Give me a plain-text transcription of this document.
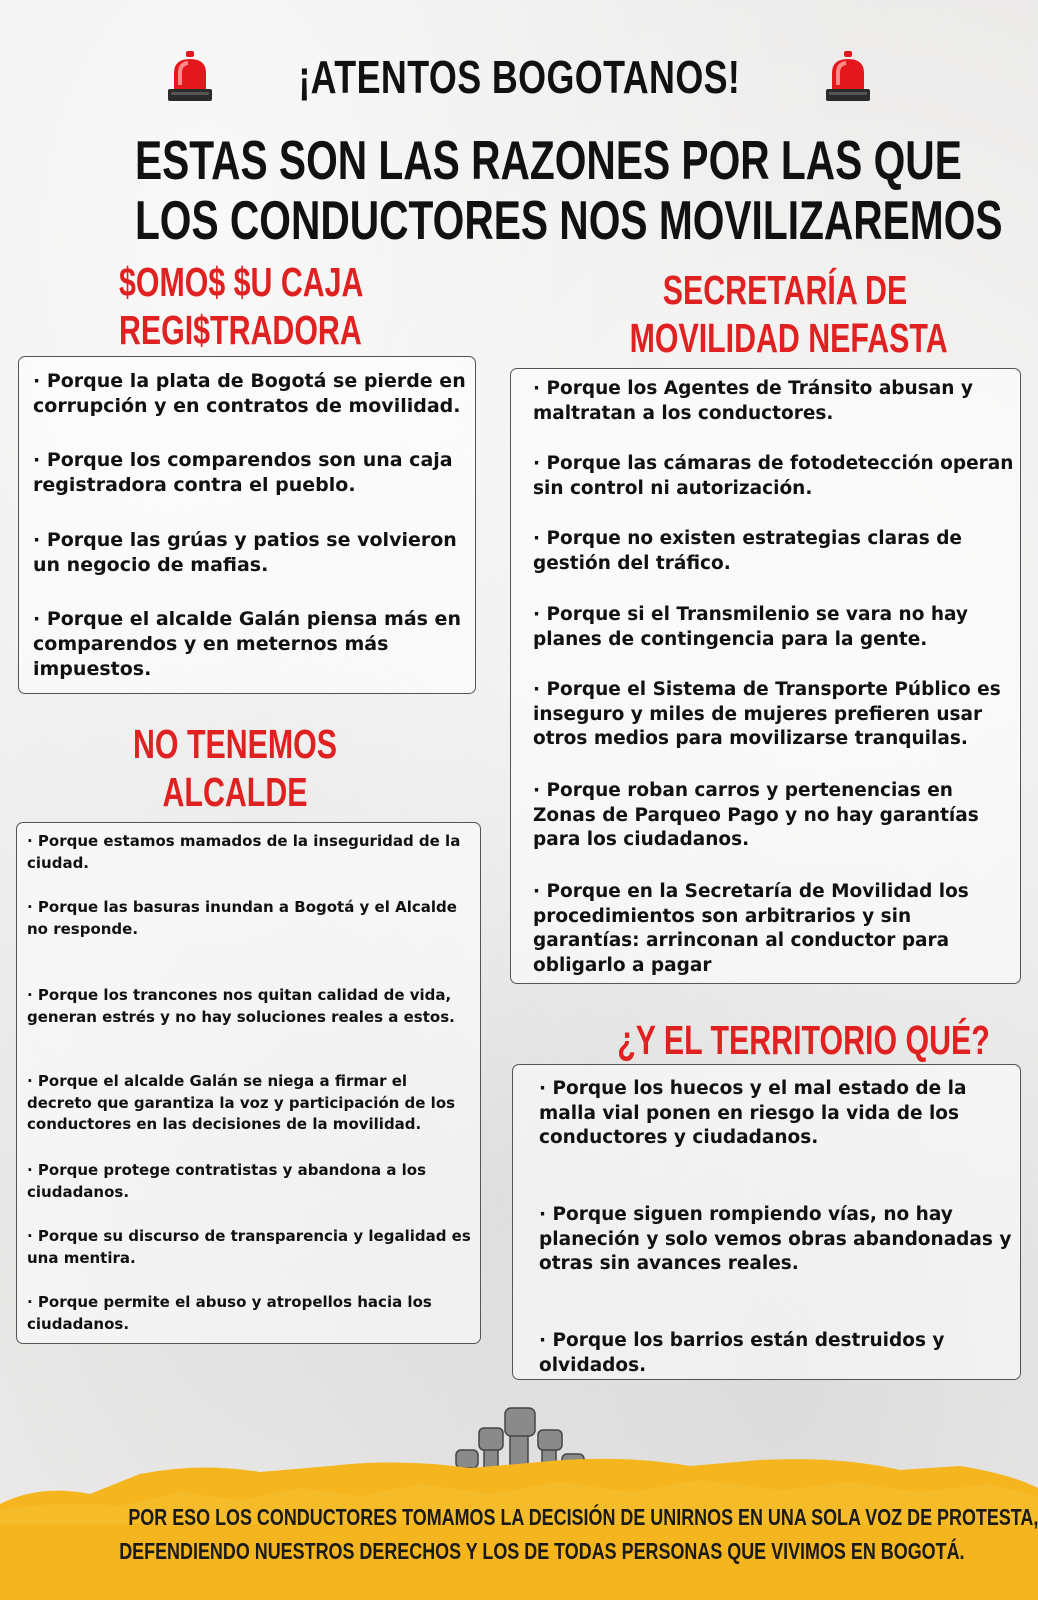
¡ATENTOS BOGOTANOS!
ESTAS SON LAS RAZONES POR LAS QUE
LOS CONDUCTORES NOS MOVILIZAREMOS
$OMO$ $U CAJA
REGI$TRADORA
· Porque la plata de Bogotá se pierde en corrupción y en contratos de movilidad.
· Porque los comparendos son una caja registradora contra el pueblo.
· Porque las grúas y patios se volvieron un negocio de mafias.
· Porque el alcalde Galán piensa más en comparendos y en meternos más impuestos.
NO TENEMOS
ALCALDE
· Porque estamos mamados de la inseguridad de la ciudad.
· Porque las basuras inundan a Bogotá y el Alcalde no responde.
· Porque los trancones nos quitan calidad de vida, generan estrés y no hay soluciones reales a estos.
· Porque el alcalde Galán se niega a firmar el decreto que garantiza la voz y participación de los conductores en las decisiones de la movilidad.
· Porque protege contratistas y abandona a los ciudadanos.
· Porque su discurso de transparencia y legalidad es una mentira.
· Porque permite el abuso y atropellos hacia los ciudadanos.
SECRETARÍA DE
MOVILIDAD NEFASTA
· Porque los Agentes de Tránsito abusan y maltratan a los conductores.
· Porque las cámaras de fotodetección operan sin control ni autorización.
· Porque no existen estrategias claras de gestión del tráfico.
· Porque si el Transmilenio se vara no hay planes de contingencia para la gente.
· Porque el Sistema de Transporte Público es inseguro y miles de mujeres prefieren usar otros medios para movilizarse tranquilas.
· Porque roban carros y pertenencias en Zonas de Parqueo Pago y no hay garantías para los ciudadanos.
· Porque en la Secretaría de Movilidad los procedimientos son arbitrarios y sin garantías: arrinconan al conductor para obligarlo a pagar
¿Y EL TERRITORIO QUÉ?
· Porque los huecos y el mal estado de la malla vial ponen en riesgo la vida de los conductores y ciudadanos.
· Porque siguen rompiendo vías, no hay planeción y solo vemos obras abandonadas y otras sin avances reales.
· Porque los barrios están destruidos y olvidados.
POR ESO LOS CONDUCTORES TOMAMOS LA DECISIÓN DE UNIRNOS EN UNA SOLA VOZ DE PROTESTA,
DEFENDIENDO NUESTROS DERECHOS Y LOS DE TODAS PERSONAS QUE VIVIMOS EN BOGOTÁ.
